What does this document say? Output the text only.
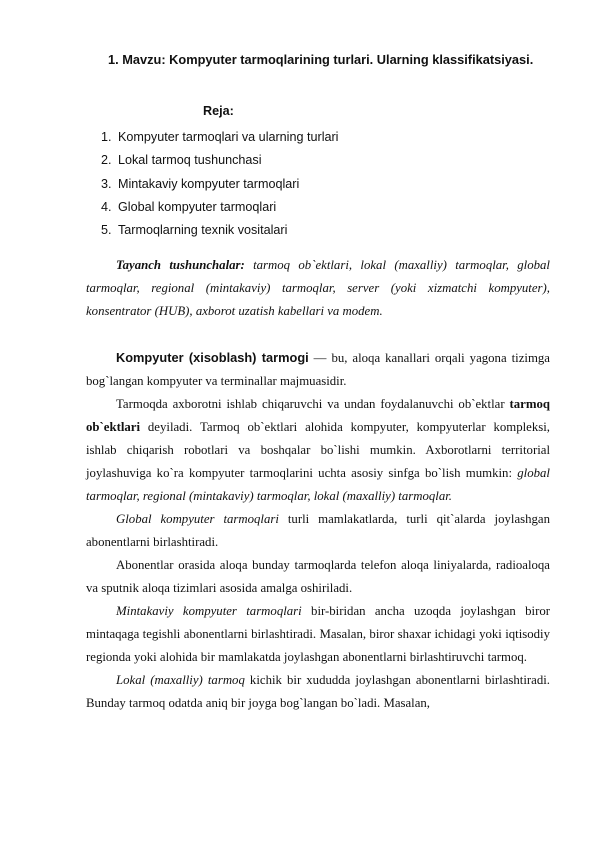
1. Mavzu: Kompyuter tarmoqlarining turlari. Ularning klassifikatsiyasi.
Reja:
1. Kompyuter tarmoqlari va ularning turlari
2. Lokal tarmoq tushunchasi
3. Mintakaviy kompyuter tarmoqlari
4. Global kompyuter tarmoqlari
5. Tarmoqlarning texnik vositalari

Tayanch tushunchalar: tarmoq ob`ektlari, lokal (maxalliy) tarmoqlar, global tarmoqlar, regional (mintakaviy) tarmoqlar, server (yoki xizmatchi kompyuter), konsentrator (HUB), axborot uzatish kabellari va modem.

Kompyuter (xisoblash) tarmogi — bu, aloqa kanallari orqali yagona tizimga bog`langan kompyuter va terminallar majmuasidir.

Tarmoqda axborotni ishlab chiqaruvchi va undan foydalanuvchi ob`ektlar tarmoq ob`ektlari deyiladi. Tarmoq ob`ektlari alohida kompyuter, kompyuterlar kompleksi, ishlab chiqarish robotlari va boshqalar bo`lishi mumkin. Axborotlarni territorial joylashuviga ko`ra kompyuter tarmoqlarini uchta asosiy sinfga bo`lish mumkin: global tarmoqlar, regional (mintakaviy) tarmoqlar, lokal (maxalliy) tarmoqlar.

Global kompyuter tarmoqlari turli mamlakatlarda, turli qit`alarda joylashgan abonentlarni birlashtiradi.

Abonentlar orasida aloqa bunday tarmoqlarda telefon aloqa liniyalarda, radioaloqa va sputnik aloqa tizimlari asosida amalga oshiriladi.

Mintakaviy kompyuter tarmoqlari bir-biridan ancha uzoqda joylashgan biror mintaqaga tegishli abonentlarni birlashtiradi. Masalan, biror shaxar ichidagi yoki iqtisodiy regionda yoki alohida bir mamlakatda joylashgan abonentlarni birlashtiruvchi tarmoq.

Lokal (maxalliy) tarmoq kichik bir xududda joylashgan abonentlarni birlashtiradi. Bunday tarmoq odatda aniq bir joyga bog`langan bo`ladi. Masalan,
